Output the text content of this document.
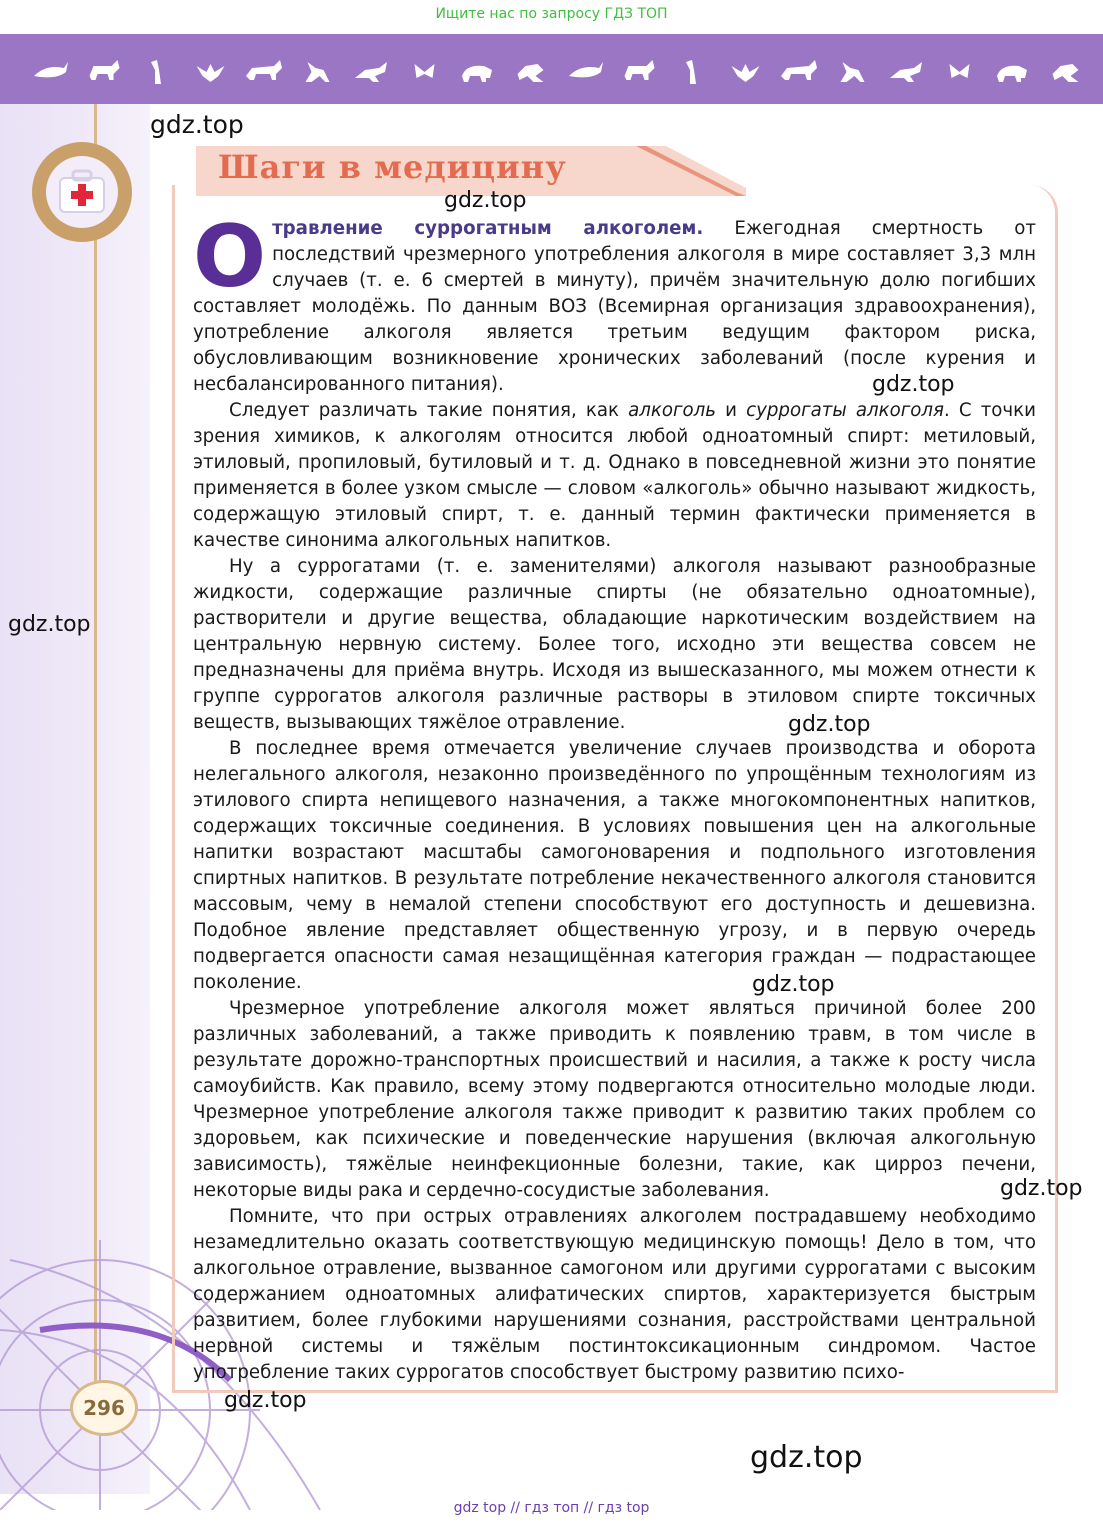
Ищите нас по запросу ГДЗ ТОП
296
Шаги в медицину

Отравление суррогатным алкоголем. Ежегодная смертность от последствий чрезмерного употребления алкоголя в мире составляет 3,3 млн случаев (т. е. 6 смертей в минуту), причём значительную долю погибших составляет молодёжь. По данным ВОЗ (Всемирная организация здравоохранения), употребление алкоголя является третьим ведущим фактором риска, обусловливающим возникновение хронических заболеваний (после курения и несбалансированного питания).

Следует различать такие понятия, как алкоголь и суррогаты алкоголя. С точки зрения химиков, к алкоголям относится любой одноатомный спирт: метиловый, этиловый, пропиловый, бутиловый и т. д. Однако в повседневной жизни это понятие применяется в более узком смысле — словом «алкоголь» обычно называют жидкость, содержащую этиловый спирт, т. е. данный термин фактически применяется в качестве синонима алкогольных напитков.

Ну а суррогатами (т. е. заменителями) алкоголя называют разнообразные жидкости, содержащие различные спирты (не обязательно одноатомные), растворители и другие вещества, обладающие наркотическим воздействием на центральную нервную систему. Более того, исходно эти вещества совсем не предназначены для приёма внутрь. Исходя из вышесказанного, мы можем отнести к группе суррогатов алкоголя различные растворы в этиловом спирте токсичных веществ, вызывающих тяжёлое отравление.

В последнее время отмечается увеличение случаев производства и оборота нелегального алкоголя, незаконно произведённого по упрощённым технологиям из этилового спирта непищевого назначения, а также многокомпонентных напитков, содержащих токсичные соединения. В условиях повышения цен на алкогольные напитки возрастают масштабы самогоноварения и подпольного изготовления спиртных напитков. В результате потребление некачественного алкоголя становится массовым, чему в немалой степени способствуют его доступность и дешевизна. Подобное явление представляет общественную угрозу, и в первую очередь подвергается опасности самая незащищённая категория граждан — подрастающее поколение.

Чрезмерное употребление алкоголя может являться причиной более 200 различных заболеваний, а также приводить к появлению травм, в том числе в результате дорожно-транспортных происшествий и насилия, а также к росту числа самоубийств. Как правило, всему этому подвергаются относительно молодые люди. Чрезмерное употребление алкоголя также приводит к развитию таких проблем со здоровьем, как психические и поведенческие нарушения (включая алкогольную зависимость), тяжёлые неинфекционные болезни, такие, как цирроз печени, некоторые виды рака и сердечно-сосудистые заболевания.

Помните, что при острых отравлениях алкоголем пострадавшему необходимо незамедлительно оказать соответствующую медицинскую помощь! Дело в том, что алкогольное отравление, вызванное самогоном или другими суррогатами с высоким содержанием одноатомных алифатических спиртов, характеризуется быстрым развитием, более глубокими нарушениями сознания, расстройствами центральной нервной системы и тяжёлым постинтоксикационным синдромом. Частое употребление таких суррогатов способствует быстрому развитию психо-

gdz.top
gdz.top
gdz.top
gdz.top
gdz.top
gdz.top
gdz.top
gdz.top
gdz.top
gdz top // гдз топ // гдз top
